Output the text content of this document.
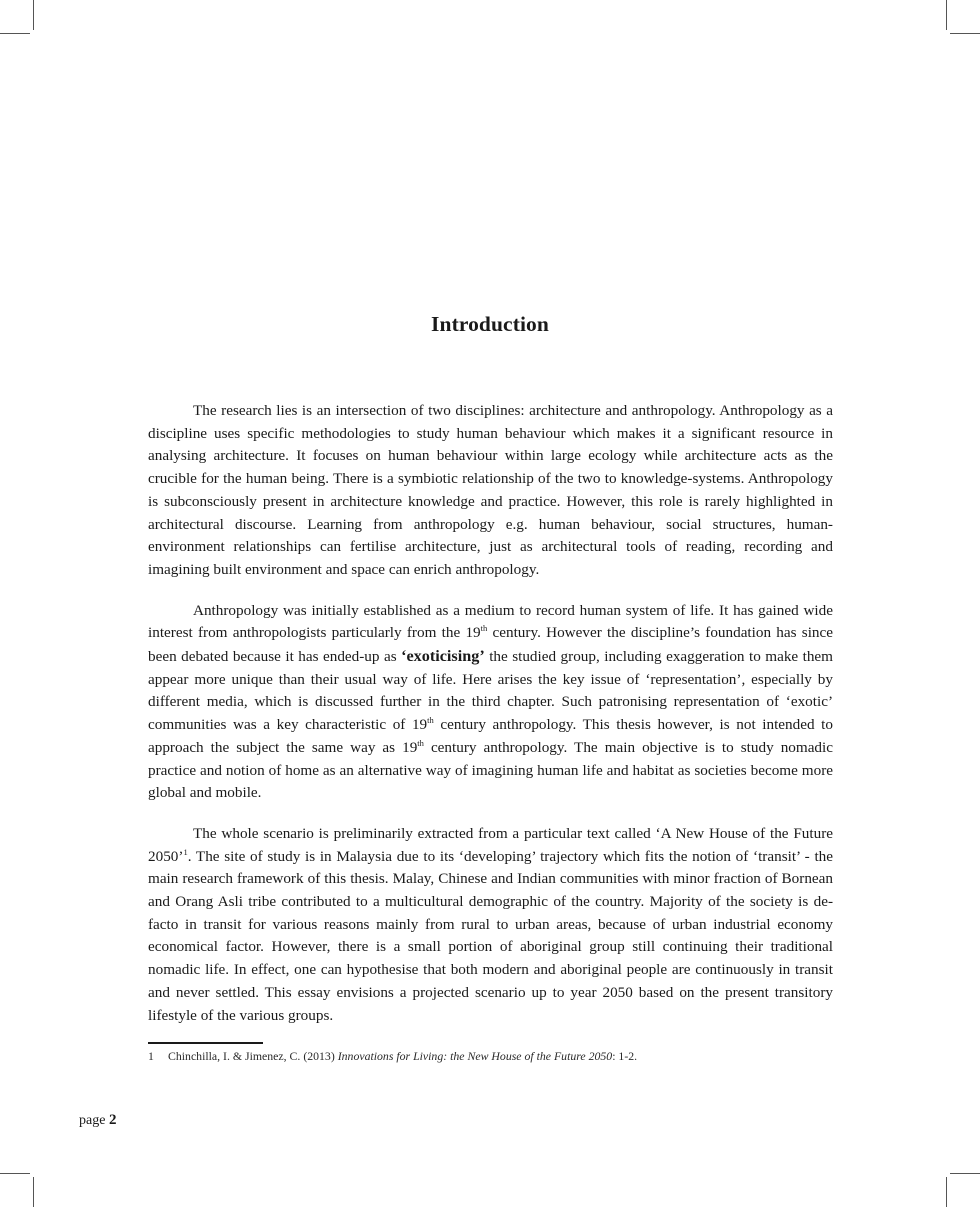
Introduction

The research lies is an intersection of two disciplines: architecture and anthropology. Anthropology as a discipline uses specific methodologies to study human behaviour which makes it a significant resource in analysing architecture. It focuses on human behaviour within large ecology while architecture acts as the crucible for the human being. There is a symbiotic relationship of the two to knowledge-systems. Anthropology is subconsciously present in architecture knowledge and practice. However, this role is rarely highlighted in architectural discourse. Learning from anthropology e.g. human behaviour, social structures, human-environment relationships can fertilise architecture, just as architectural tools of reading, recording and imagining built environment and space can enrich anthropology.

Anthropology was initially established as a medium to record human system of life. It has gained wide interest from anthropologists particularly from the 19th century. However the discipline’s foundation has since been debated because it has ended-up as ‘exoticising’ the studied group, including exaggeration to make them appear more unique than their usual way of life. Here arises the key issue of ‘representation’, especially by different media, which is discussed further in the third chapter. Such patronising representation of ‘exotic’ communities was a key characteristic of 19th century anthropology. This thesis however, is not intended to approach the subject the same way as 19th century anthropology. The main objective is to study nomadic practice and notion of home as an alternative way of imagining human life and habitat as societies become more global and mobile.

The whole scenario is preliminarily extracted from a particular text called ‘A New House of the Future 2050’$^1$. The site of study is in Malaysia due to its ‘developing’ trajectory which fits the notion of ‘transit’ - the main research framework of this thesis. Malay, Chinese and Indian communities with minor fraction of Bornean and Orang Asli tribe contributed to a multicultural demographic of the country. Majority of the society is de-facto in transit for various reasons mainly from rural to urban areas, because of urban industrial economy economical factor. However, there is a small portion of aboriginal group still continuing their traditional nomadic life. In effect, one can hypothesise that both modern and aboriginal people are continuously in transit and never settled. This essay envisions a projected scenario up to year 2050 based on the present transitory lifestyle of the various groups.

1 Chinchilla, I. & Jimenez, C. (2013) Innovations for Living: the New House of the Future 2050: 1-2.
page 2
